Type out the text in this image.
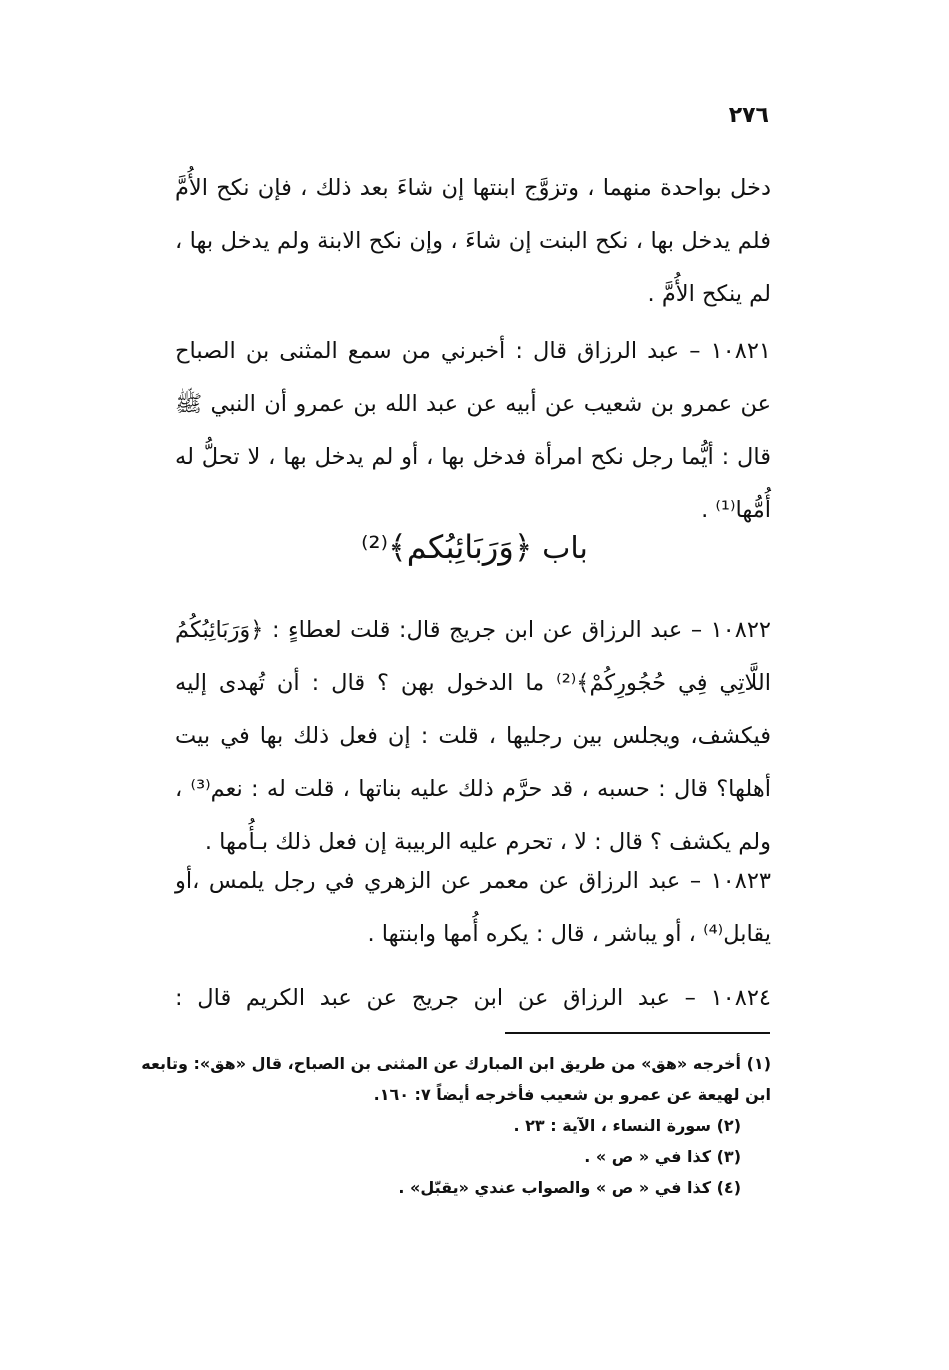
٢٧٦
دخل بواحدة منهما ، وتزوَّج ابنتها إن شاءَ بعد ذلك ، فإن نكح الأُمَّ فلم يدخل بها ، نكح البنت إن شاءَ ، وإن نكح الابنة ولم يدخل بها ، لم ينكح الأُمَّ .
١٠٨٢١ – عبد الرزاق قال : أخبرني من سمع المثنى بن الصباح عن عمرو بن شعيب عن أبيه عن عبد الله بن عمرو أن النبي ﷺ قال : أيُّما رجل نكح امرأة فدخل بها ، أو لم يدخل بها ، لا تحلُّ له أُمُّها⁽¹⁾ .
باب ﴿وَرَبَائِبُكم﴾⁽²⁾
١٠٨٢٢ – عبد الرزاق عن ابن جريج قال: قلت لعطاءٍ : ﴿وَرَبَائِبُكُمُ اللَّاتِي فِي حُجُورِكُمْ﴾⁽²⁾ ما الدخول بهن ؟ قال : أن تُهدى إليه فيكشف، ويجلس بين رجليها ، قلت : إن فعل ذلك بها في بيت أهلها؟ قال : حسبه ، قد حرَّم ذلك عليه بناتها ، قلت له : نعم⁽³⁾ ، ولم يكشف ؟ قال : لا ، تحرم عليه الربيبة إن فعل ذلك بـأُمها .
١٠٨٢٣ – عبد الرزاق عن معمر عن الزهري في رجل يلمس ،أو يقابل⁽⁴⁾ ، أو يباشر ، قال : يكره أُمها وابنتها .
١٠٨٢٤ – عبد الرزاق عن ابن جريج عن عبد الكريم قال :
(١) أخرجه «هق» من طريق ابن المبارك عن المثنى بن الصباح، قال «هق»: وتابعه
ابن لهيعة عن عمرو بن شعيب فأخرجه أيضاً ٧: ١٦٠.
(٢) سورة النساء ، الآية : ٢٣ .
(٣) كذا في « ص » .
(٤) كذا في « ص » والصواب عندي «يقبّل» .
